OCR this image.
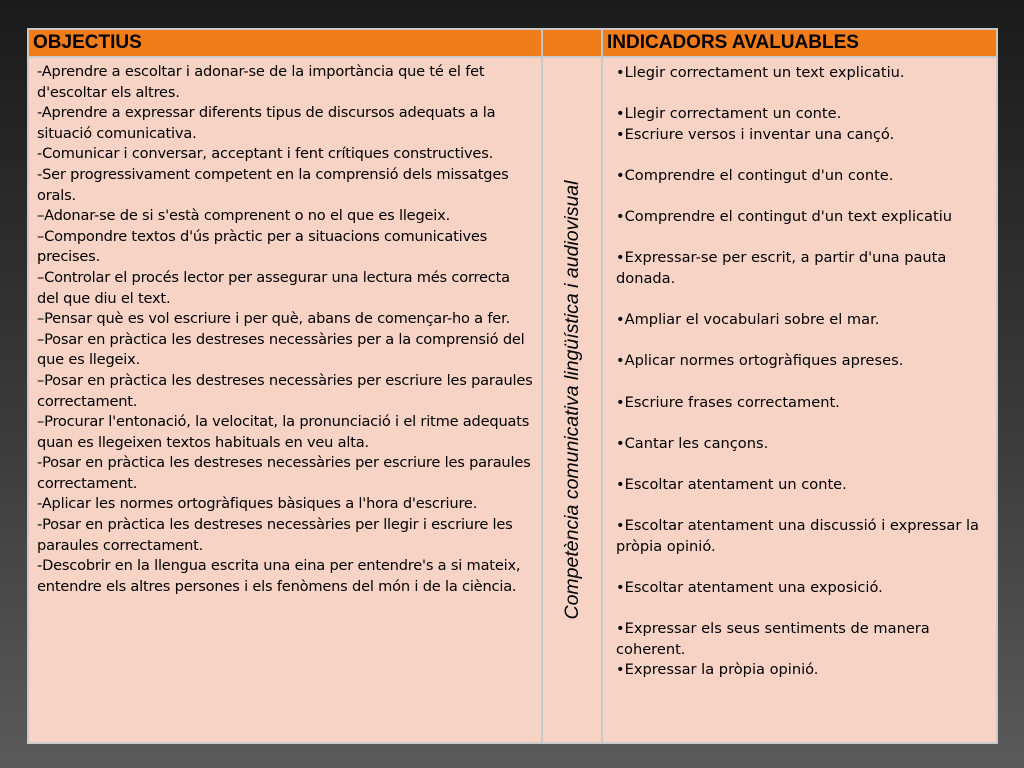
OBJECTIUS	INDICADORS AVALUABLES
-Aprendre a escoltar i adonar-se de la importància que té el fet d'escoltar els altres.
-Aprendre a expressar diferents tipus de discursos adequats a la situació comunicativa.
-Comunicar i conversar, acceptant i fent crítiques constructives.
-Ser progressivament competent en la comprensió dels missatges orals.
–Adonar-se de si s'està comprenent o no el que es llegeix.
–Compondre textos d'ús pràctic per a situacions comunicatives precises.
–Controlar el procés lector per assegurar una lectura més correcta del que diu el text.
–Pensar què es vol escriure i per què, abans de començar-ho a fer.
–Posar en pràctica les destreses necessàries per a la comprensió del que es llegeix.
–Posar en pràctica les destreses necessàries per escriure les paraules correctament.
–Procurar l'entonació, la velocitat, la pronunciació i el ritme adequats quan es llegeixen textos habituals en veu alta.
-Posar en pràctica les destreses necessàries per escriure les paraules correctament.
-Aplicar les normes ortogràfiques bàsiques a l'hora d'escriure.
-Posar en pràctica les destreses necessàries per llegir i escriure les paraules correctament.
-Descobrir en la llengua escrita una eina per entendre's a si mateix, entendre els altres persones i els fenòmens del món i de la ciència.	Competència comunicativa lingüística i audiovisual
•Llegir correctament un text explicatiu.
•Llegir correctament un conte.
•Escriure versos i inventar una cançó.
•Comprendre el contingut d'un conte.
•Comprendre el contingut d'un text explicatiu
•Expressar-se per escrit, a partir d'una pauta donada.
•Ampliar el vocabulari sobre el mar.
•Aplicar normes ortogràfiques apreses.
•Escriure frases correctament.
•Cantar les cançons.
•Escoltar atentament un conte.
•Escoltar atentament una discussió i expressar la pròpia opinió.
•Escoltar atentament una exposició.
•Expressar els seus sentiments de manera coherent.
•Expressar la pròpia opinió.
